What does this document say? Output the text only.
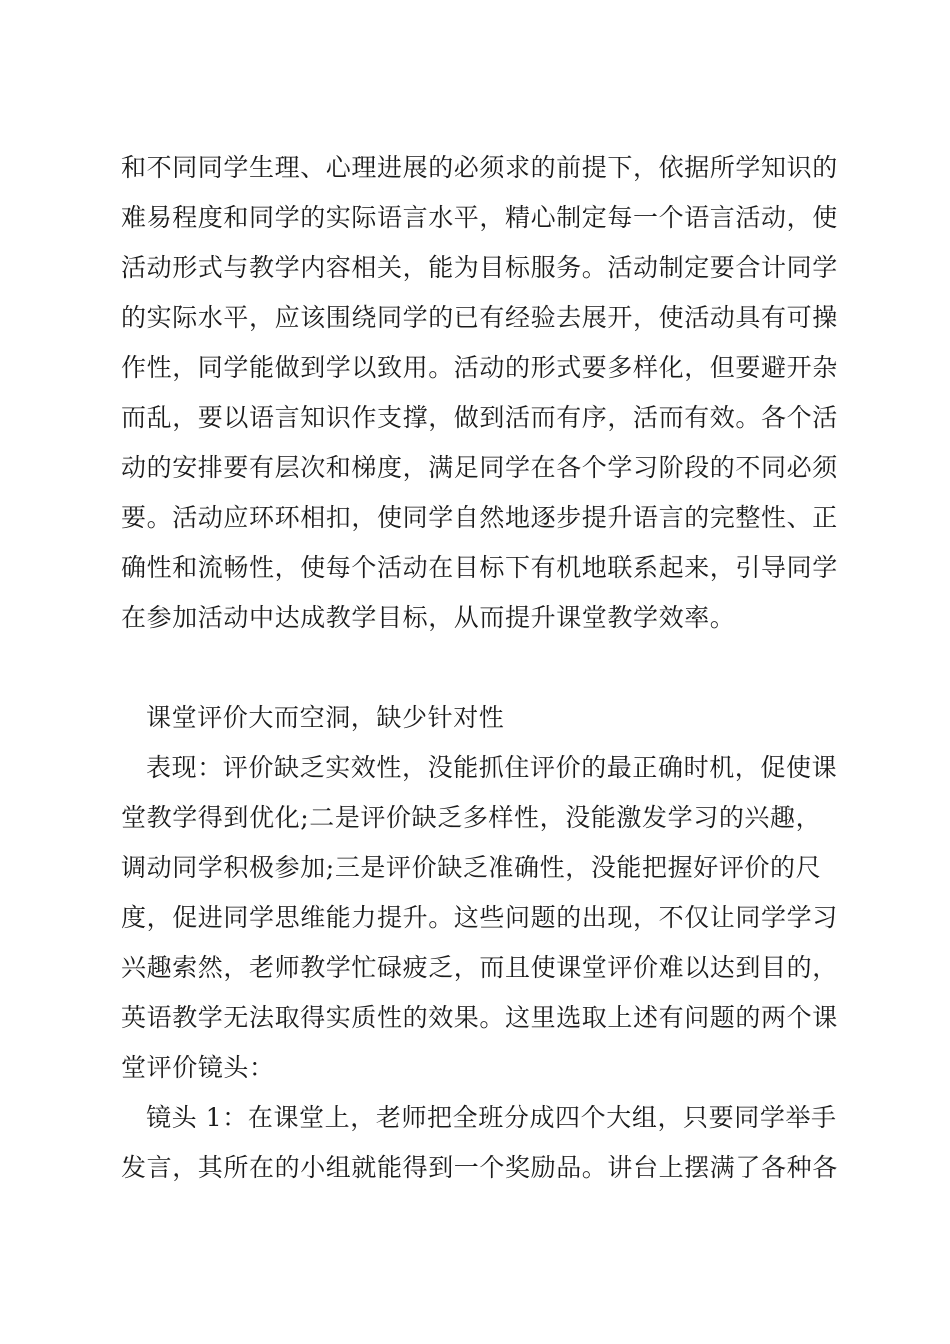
和不同同学生理、心理进展的必须求的前提下，依据所学知识的
难易程度和同学的实际语言水平，精心制定每一个语言活动，使
活动形式与教学内容相关，能为目标服务。活动制定要合计同学
的实际水平，应该围绕同学的已有经验去展开，使活动具有可操
作性，同学能做到学以致用。活动的形式要多样化，但要避开杂
而乱，要以语言知识作支撑，做到活而有序，活而有效。各个活
动的安排要有层次和梯度，满足同学在各个学习阶段的不同必须
要。活动应环环相扣，使同学自然地逐步提升语言的完整性、正
确性和流畅性，使每个活动在目标下有机地联系起来，引导同学
在参加活动中达成教学目标，从而提升课堂教学效率。
课堂评价大而空洞，缺少针对性
表现：评价缺乏实效性，没能抓住评价的最正确时机，促使课
堂教学得到优化;二是评价缺乏多样性，没能激发学习的兴趣，
调动同学积极参加;三是评价缺乏准确性，没能把握好评价的尺
度，促进同学思维能力提升。这些问题的出现，不仅让同学学习
兴趣索然，老师教学忙碌疲乏，而且使课堂评价难以达到目的，
英语教学无法取得实质性的效果。这里选取上述有问题的两个课
堂评价镜头：
镜头 1：在课堂上，老师把全班分成四个大组，只要同学举手
发言，其所在的小组就能得到一个奖励品。讲台上摆满了各种各
